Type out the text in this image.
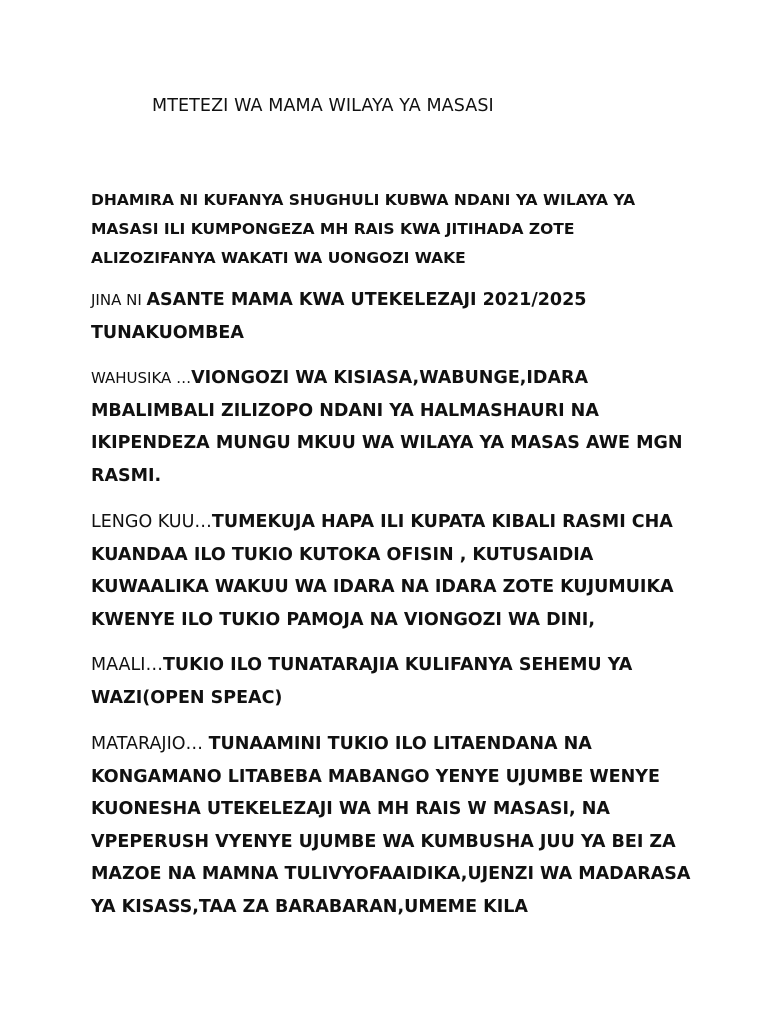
MTETEZI WA MAMA WILAYA YA MASASI

DHAMIRA NI KUFANYA SHUGHULI KUBWA NDANI YA WILAYA YA MASASI ILI KUMPONGEZA MH RAIS KWA JITIHADA ZOTE ALIZOZIFANYA WAKATI WA UONGOZI WAKE

JINA NI ASANTE MAMA KWA UTEKELEZAJI 2021/2025 TUNAKUOMBEA

WAHUSIKA …VIONGOZI WA KISIASA,WABUNGE,IDARA MBALIMBALI ZILIZOPO NDANI YA HALMASHAURI NA IKIPENDEZA MUNGU MKUU WA WILAYA YA MASAS AWE MGN RASMI.

LENGO KUU…TUMEKUJA HAPA ILI KUPATA KIBALI RASMI CHA KUANDAA ILO TUKIO KUTOKA OFISIN , KUTUSAIDIA KUWAALIKA WAKUU WA IDARA NA IDARA ZOTE KUJUMUIKA KWENYE ILO TUKIO PAMOJA NA VIONGOZI WA DINI,

MAALI…TUKIO ILO TUNATARAJIA KULIFANYA SEHEMU YA WAZI(OPEN SPEAC)

MATARAJIO… TUNAAMINI TUKIO ILO LITAENDANA NA KONGAMANO LITABEBA MABANGO YENYE UJUMBE WENYE KUONESHA UTEKELEZAJI WA MH RAIS W MASASI, NA VPEPERUSH VYENYE UJUMBE WA KUMBUSHA JUU YA BEI ZA MAZOE NA MAMNA TULIVYOFAAIDIKA,UJENZI WA MADARASA YA KISASS,TAA ZA BARABARAN,UMEME KILA
